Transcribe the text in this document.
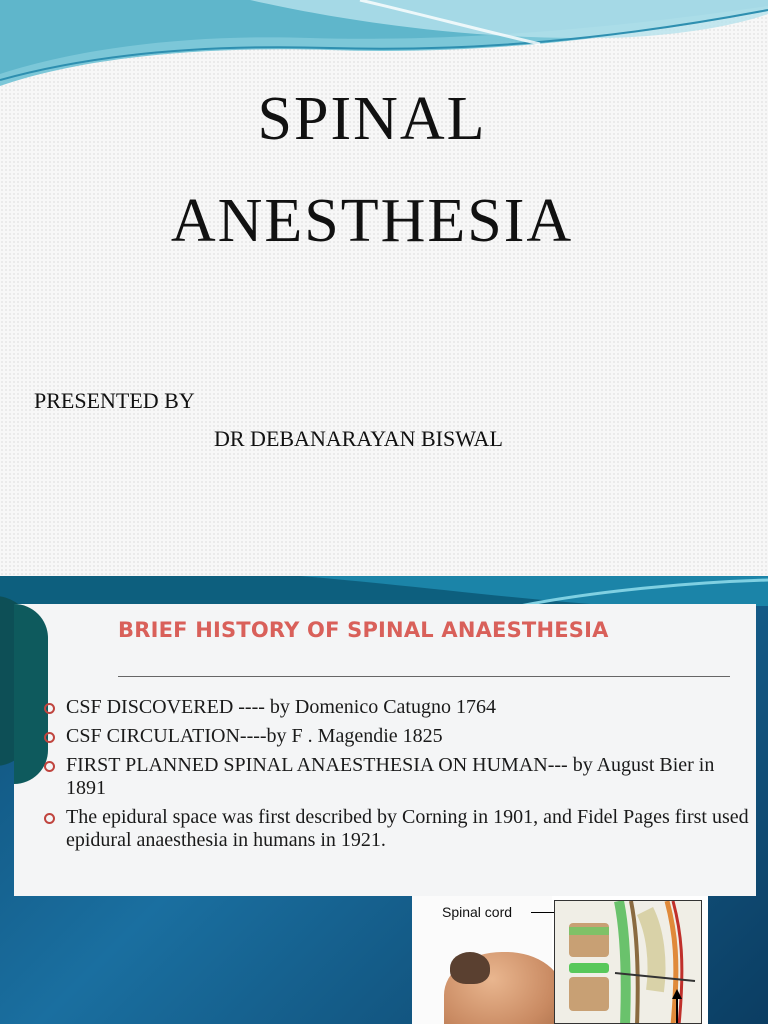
SPINAL
ANESTHESIA
PRESENTED BY
DR DEBANARAYAN BISWAL
BRIEF HISTORY OF SPINAL ANAESTHESIA
CSF DISCOVERED ---- by Domenico Catugno 1764
CSF CIRCULATION----by F . Magendie 1825
FIRST PLANNED SPINAL ANAESTHESIA ON HUMAN--- by August Bier in 1891
The epidural space was first described by Corning in 1901, and Fidel Pages first used epidural anaesthesia in humans in 1921.
Spinal cord
